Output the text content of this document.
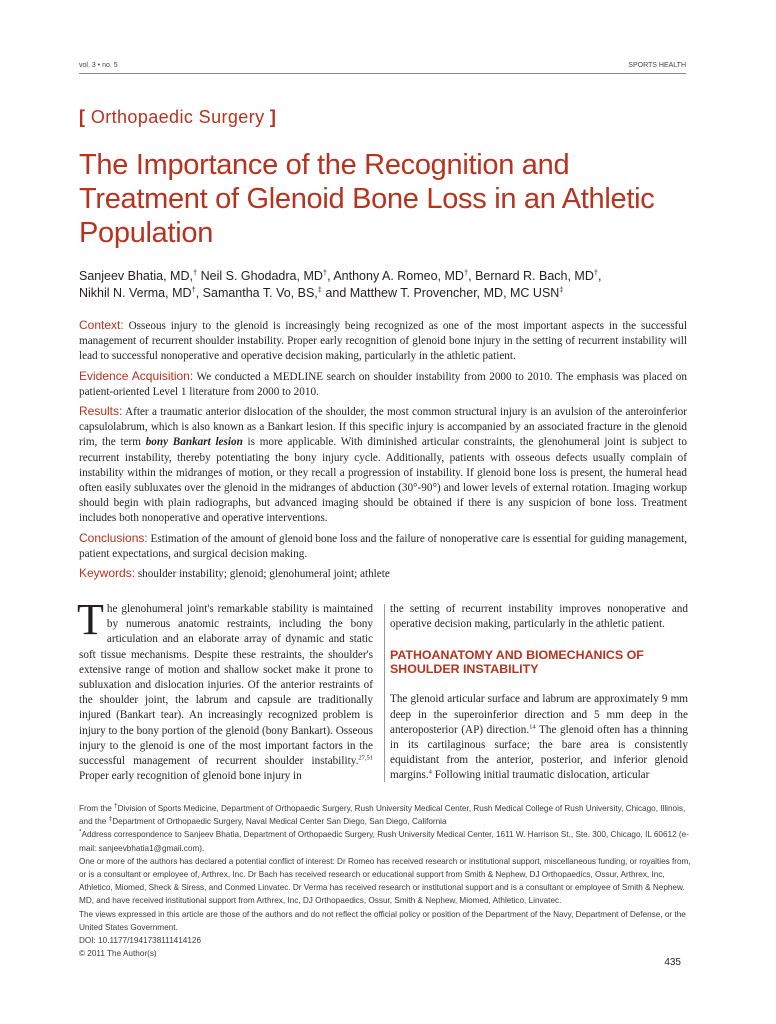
vol. 3 • no. 5	SPORTS HEALTH
[ Orthopaedic Surgery ]
The Importance of the Recognition and Treatment of Glenoid Bone Loss in an Athletic Population
Sanjeev Bhatia, MD,† Neil S. Ghodadra, MD†, Anthony A. Romeo, MD†, Bernard R. Bach, MD†,
Nikhil N. Verma, MD†, Samantha T. Vo, BS,‡ and Matthew T. Provencher, MD, MC USN‡

Context: Osseous injury to the glenoid is increasingly being recognized as one of the most important aspects in the successful management of recurrent shoulder instability. Proper early recognition of glenoid bone injury in the setting of recurrent instability will lead to successful nonoperative and operative decision making, particularly in the athletic patient.

Evidence Acquisition: We conducted a MEDLINE search on shoulder instability from 2000 to 2010. The emphasis was placed on patient-oriented Level 1 literature from 2000 to 2010.

Results: After a traumatic anterior dislocation of the shoulder, the most common structural injury is an avulsion of the anteroinferior capsulolabrum, which is also known as a Bankart lesion. If this specific injury is accompanied by an associated fracture in the glenoid rim, the term bony Bankart lesion is more applicable. With diminished articular constraints, the glenohumeral joint is subject to recurrent instability, thereby potentiating the bony injury cycle. Additionally, patients with osseous defects usually complain of instability within the midranges of motion, or they recall a progression of instability. If glenoid bone loss is present, the humeral head often easily subluxates over the glenoid in the midranges of abduction (30°-90°) and lower levels of external rotation. Imaging workup should begin with plain radiographs, but advanced imaging should be obtained if there is any suspicion of bone loss. Treatment includes both nonoperative and operative interventions.

Conclusions: Estimation of the amount of glenoid bone loss and the failure of nonoperative care is essential for guiding management, patient expectations, and surgical decision making.

Keywords: shoulder instability; glenoid; glenohumeral joint; athlete

The glenohumeral joint's remarkable stability is maintained by numerous anatomic restraints, including the bony articulation and an elaborate array of dynamic and static soft tissue mechanisms. Despite these restraints, the shoulder's extensive range of motion and shallow socket make it prone to subluxation and dislocation injuries. Of the anterior restraints of the shoulder joint, the labrum and capsule are traditionally injured (Bankart tear). An increasingly recognized problem is injury to the bony portion of the glenoid (bony Bankart). Osseous injury to the glenoid is one of the most important factors in the successful management of recurrent shoulder instability.$^{27,51}$ Proper early recognition of glenoid bone injury in

the setting of recurrent instability improves nonoperative and operative decision making, particularly in the athletic patient.

PATHOANATOMY AND BIOMECHANICS OF SHOULDER INSTABILITY

The glenoid articular surface and labrum are approximately 9 mm deep in the superoinferior direction and 5 mm deep in the anteroposterior (AP) direction.$^{14}$ The glenoid often has a thinning in its cartilaginous surface; the bare area is consistently equidistant from the anterior, posterior, and inferior glenoid margins.$^4$ Following initial traumatic dislocation, articular

From the †Division of Sports Medicine, Department of Orthopaedic Surgery, Rush University Medical Center, Rush Medical College of Rush University, Chicago, Illinois, and the ‡Department of Orthopaedic Surgery, Naval Medical Center San Diego, San Diego, California
*Address correspondence to Sanjeev Bhatia, Department of Orthopaedic Surgery, Rush University Medical Center, 1611 W. Harrison St., Ste. 300, Chicago, IL 60612 (e-mail: sanjeevbhatia1@gmail.com).
One or more of the authors has declared a potential conflict of interest: Dr Romeo has received research or institutional support, miscellaneous funding, or royalties from, or is a consultant or employee of, Arthrex, Inc. Dr Bach has received research or educational support from Smith & Nephew, DJ Orthopaedics, Ossur, Arthrex, Inc, Athletico, Miomed, Sheck & Siress, and Conmed Linvatec. Dr Verma has received research or institutional support and is a consultant or employee of Smith & Nephew. MD, and have received institutional support from Arthrex, Inc, DJ Orthopaedics, Ossur, Smith & Nephew, Miomed, Athletico, Linvatec.
The views expressed in this article are those of the authors and do not reflect the official policy or position of the Department of the Navy, Department of Defense, or the United States Government.
DOI: 10.1177/1941738111414126
© 2011 The Author(s)
435
